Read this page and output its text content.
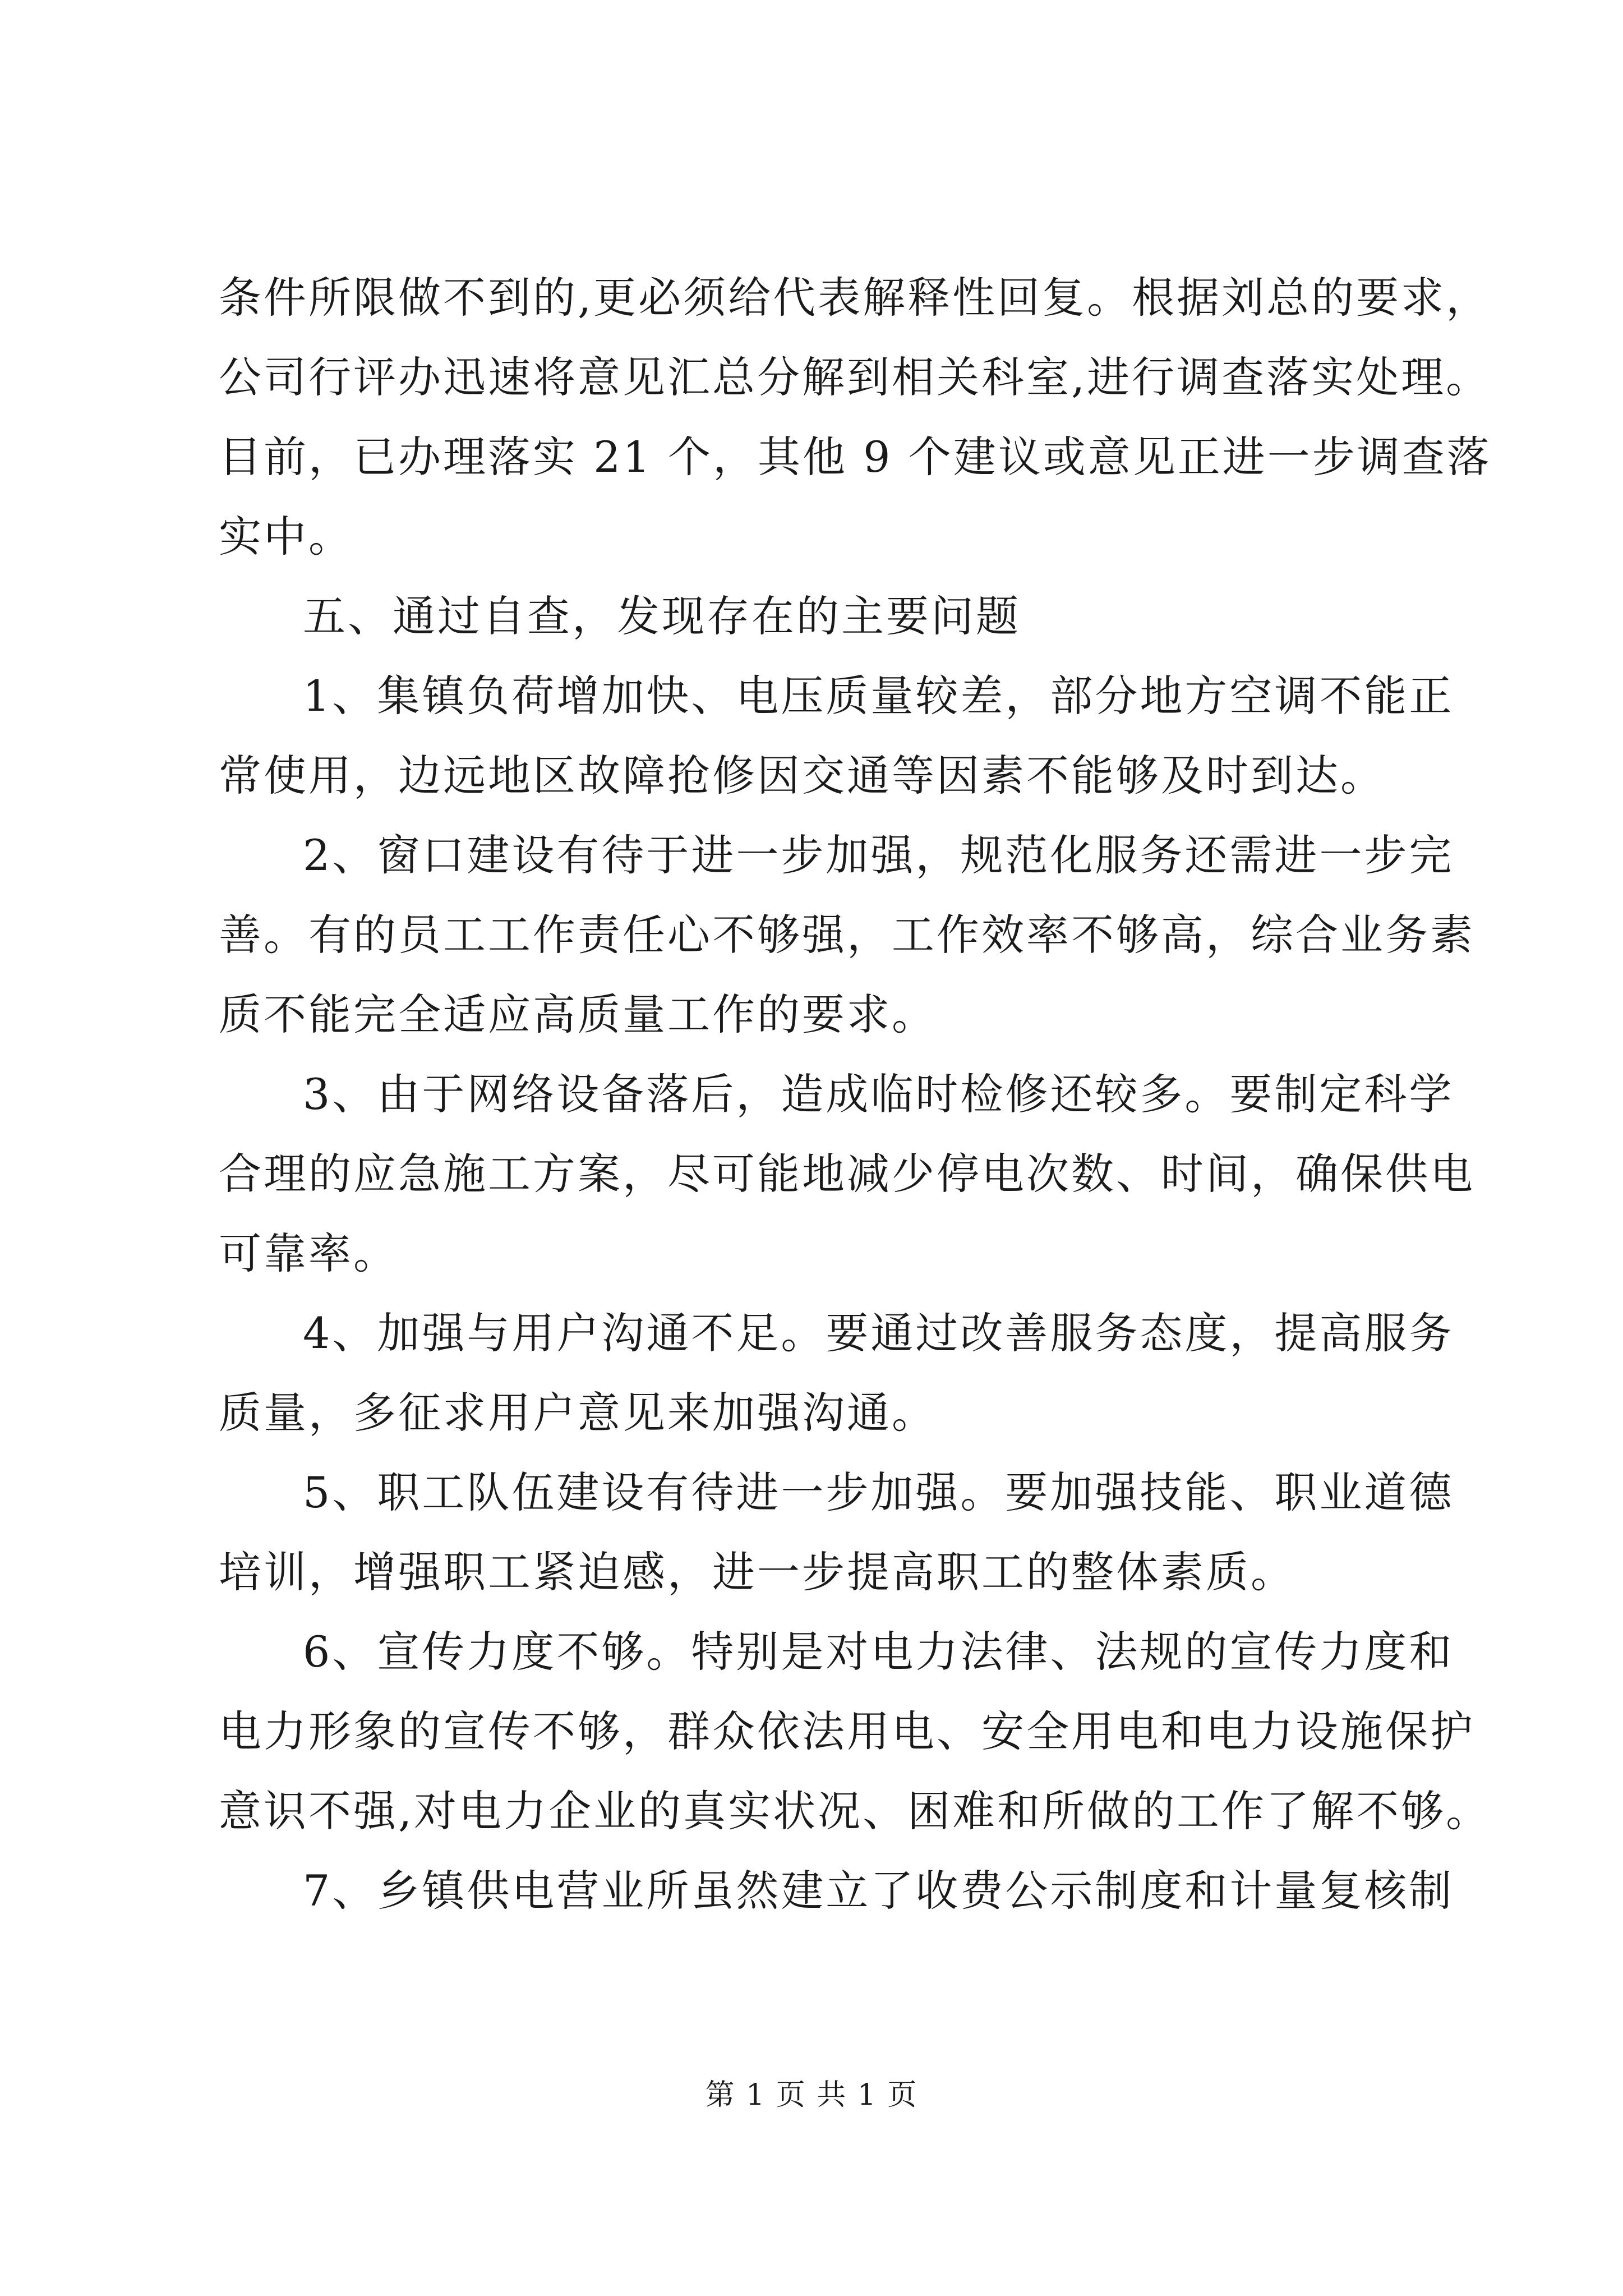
条件所限做不到的,更必须给代表解释性回复。根据刘总的要求，
公司行评办迅速将意见汇总分解到相关科室,进行调查落实处理。
目前，已办理落实 21 个，其他 9 个建议或意见正进一步调查落
实中。
五、通过自查，发现存在的主要问题
1、集镇负荷增加快、电压质量较差，部分地方空调不能正
常使用，边远地区故障抢修因交通等因素不能够及时到达。
2、窗口建设有待于进一步加强，规范化服务还需进一步完
善。有的员工工作责任心不够强，工作效率不够高，综合业务素
质不能完全适应高质量工作的要求。
3、由于网络设备落后，造成临时检修还较多。要制定科学
合理的应急施工方案，尽可能地减少停电次数、时间，确保供电
可靠率。
4、加强与用户沟通不足。要通过改善服务态度，提高服务
质量，多征求用户意见来加强沟通。
5、职工队伍建设有待进一步加强。要加强技能、职业道德
培训，增强职工紧迫感，进一步提高职工的整体素质。
6、宣传力度不够。特别是对电力法律、法规的宣传力度和
电力形象的宣传不够，群众依法用电、安全用电和电力设施保护
意识不强,对电力企业的真实状况、困难和所做的工作了解不够。
7、乡镇供电营业所虽然建立了收费公示制度和计量复核制
第 1 页 共 1 页
